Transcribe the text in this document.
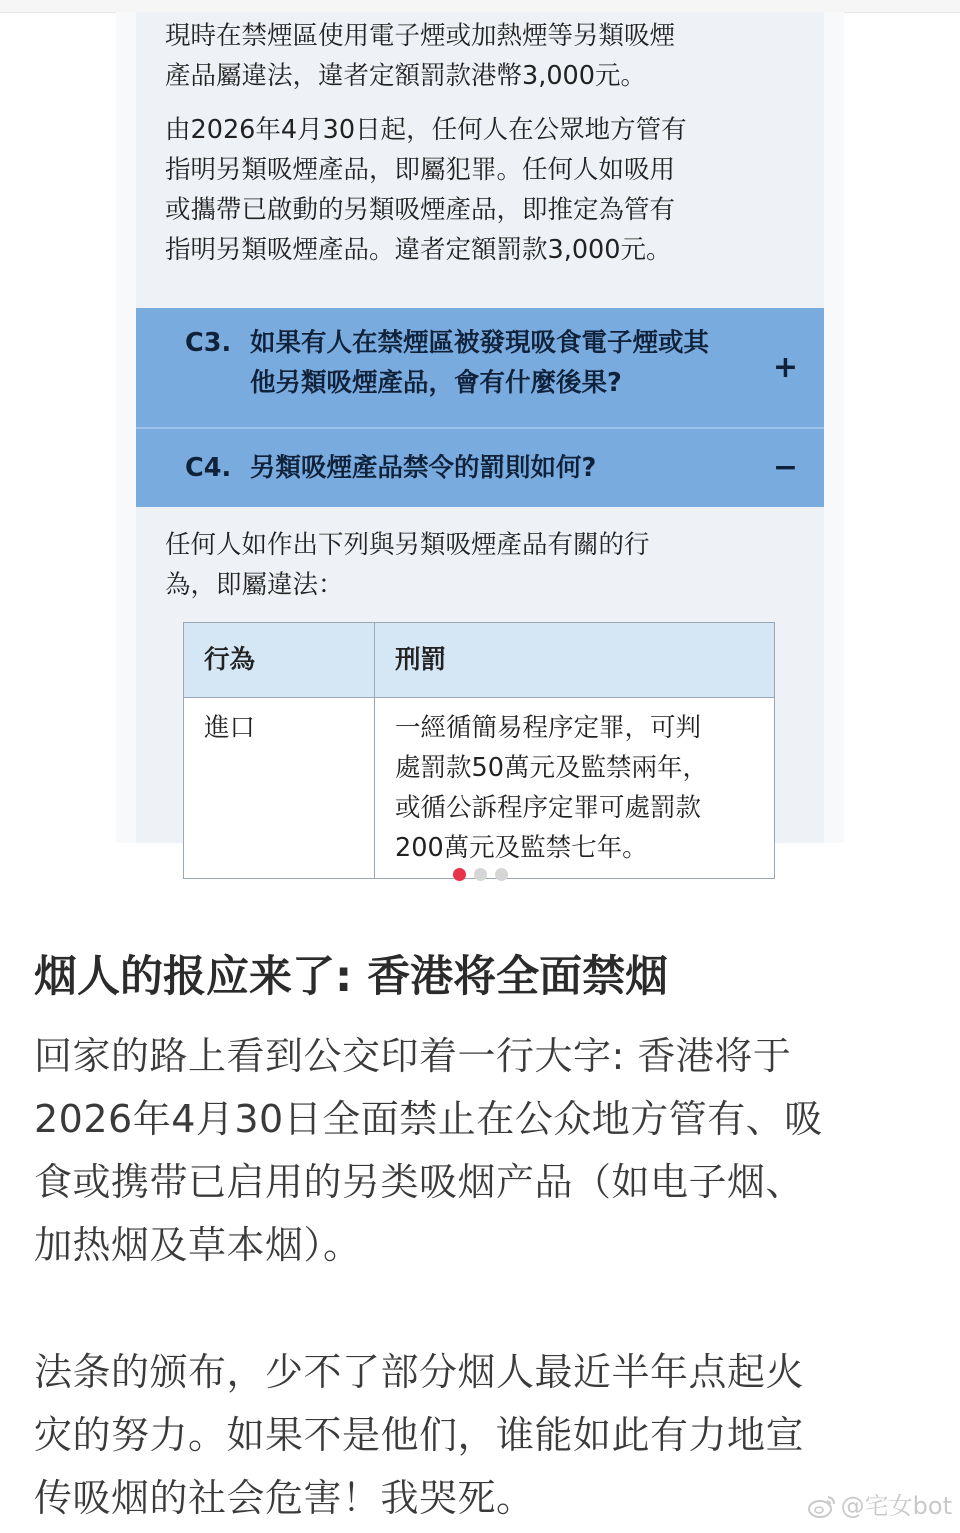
現時在禁煙區使用電子煙或加熱煙等另類吸煙
產品屬違法，違者定額罰款港幣3,000元。

由2026年4月30日起，任何人在公眾地方管有
指明另類吸煙產品，即屬犯罪。任何人如吸用
或攜帶已啟動的另類吸煙產品，即推定為管有
指明另類吸煙產品。違者定額罰款3,000元。

C3. 如果有人在禁煙區被發現吸食電子煙或其
他另類吸煙產品，會有什麼後果?	+
C4. 另類吸煙產品禁令的罰則如何?	−

任何人如作出下列與另類吸煙產品有關的行
為，即屬違法：

行為	刑罰
進口	一經循簡易程序定罪，可判
處罰款50萬元及監禁兩年，
或循公訴程序定罪可處罰款
200萬元及監禁七年。
烟人的报应来了: 香港将全面禁烟

回家的路上看到公交印着一行大字: 香港将于
2026年4月30日全面禁止在公众地方管有、吸
食或携带已启用的另类吸烟产品（如电子烟、
加热烟及草本烟）。

法条的颁布，少不了部分烟人最近半年点起火
灾的努力。如果不是他们，谁能如此有力地宣
传吸烟的社会危害！我哭死。	@宅女bot
